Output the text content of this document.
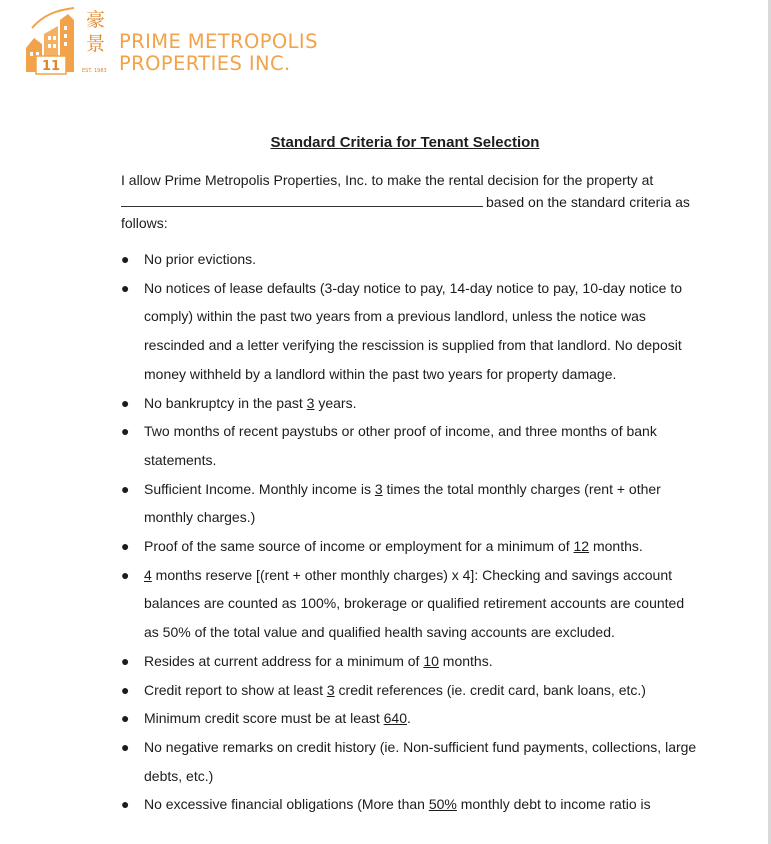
11	EST. 1983
豪
景 PRIME METROPOLIS
PROPERTIES INC.
Standard Criteria for Tenant Selection
I allow Prime Metropolis Properties, Inc. to make the rental decision for the property at based on the standard criteria as follows:
● No prior evictions.
● No notices of lease defaults (3-day notice to pay, 14-day notice to pay, 10-day notice to comply) within the past two years from a previous landlord, unless the notice was rescinded and a letter verifying the rescission is supplied from that landlord. No deposit money withheld by a landlord within the past two years for property damage.
● No bankruptcy in the past 3 years.
● Two months of recent paystubs or other proof of income, and three months of bank statements.
● Sufficient Income. Monthly income is 3 times the total monthly charges (rent + other monthly charges.)
● Proof of the same source of income or employment for a minimum of 12 months.
● 4 months reserve [(rent + other monthly charges) x 4]: Checking and savings account balances are counted as 100%, brokerage or qualified retirement accounts are counted as 50% of the total value and qualified health saving accounts are excluded.
● Resides at current address for a minimum of 10 months.
● Credit report to show at least 3 credit references (ie. credit card, bank loans, etc.)
● Minimum credit score must be at least 640.
● No negative remarks on credit history (ie. Non-sufficient fund payments, collections, large debts, etc.)
● No excessive financial obligations (More than 50% monthly debt to income ratio is
